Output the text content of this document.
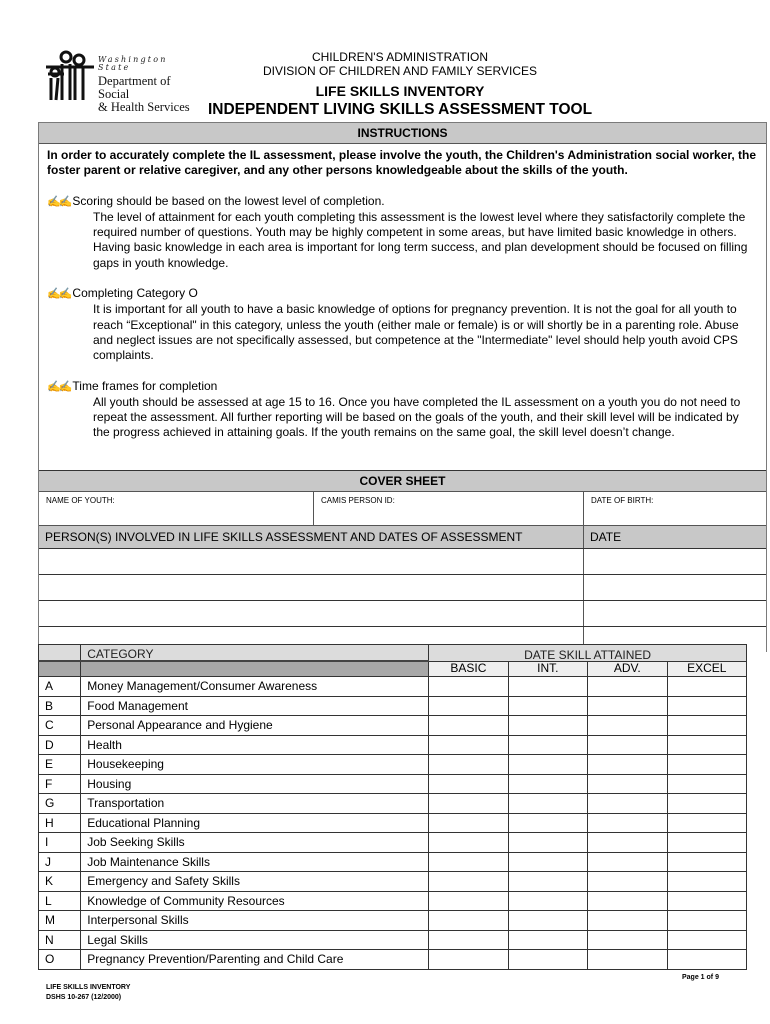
Washington State
Department of Social
& Health Services
CHILDREN'S ADMINISTRATION
DIVISION OF CHILDREN AND FAMILY SERVICES
LIFE SKILLS INVENTORY
INDEPENDENT LIVING SKILLS ASSESSMENT TOOL
INSTRUCTIONS
In order to accurately complete the IL assessment, please involve the youth, the Children's Administration social worker, the foster parent or relative caregiver, and any other persons knowledgeable about the skills of the youth.
✍✍ Scoring should be based on the lowest level of completion.
The level of attainment for each youth completing this assessment is the lowest level where they satisfactorily complete the required number of questions. Youth may be highly competent in some areas, but have limited basic knowledge in others. Having basic knowledge in each area is important for long term success, and plan development should be focused on filling gaps in youth knowledge.
✍✍ Completing Category O
It is important for all youth to have a basic knowledge of options for pregnancy prevention. It is not the goal for all youth to reach “Exceptional" in this category, unless the youth (either male or female) is or will shortly be in a parenting role. Abuse and neglect issues are not specifically assessed, but competence at the "Intermediate" level should help youth avoid CPS complaints.
✍✍ Time frames for completion
All youth should be assessed at age 15 to 16. Once you have completed the IL assessment on a youth you do not need to repeat the assessment. All further reporting will be based on the goals of the youth, and their skill level will be indicated by the progress achieved in attaining goals. If the youth remains on the same goal, the skill level doesn’t change.
COVER SHEET
NAME OF YOUTH:	CAMIS PERSON ID:	DATE OF BIRTH:
PERSON(S) INVOLVED IN LIFE SKILLS ASSESSMENT AND DATES OF ASSESSMENT	DATE
	CATEGORY	DATE SKILL ATTAINED			
		BASIC	INT.	ADV.	EXCEL
A	Money Management/Consumer Awareness				
B	Food Management				
C	Personal Appearance and Hygiene				
D	Health				
E	Housekeeping				
F	Housing				
G	Transportation				
H	Educational Planning				
I	Job Seeking Skills				
J	Job Maintenance Skills				
K	Emergency and Safety Skills				
L	Knowledge of Community Resources				
M	Interpersonal Skills				
N	Legal Skills				
O	Pregnancy Prevention/Parenting and Child Care				
Page 1 of 9
LIFE SKILLS INVENTORY
DSHS 10-267 (12/2000)
